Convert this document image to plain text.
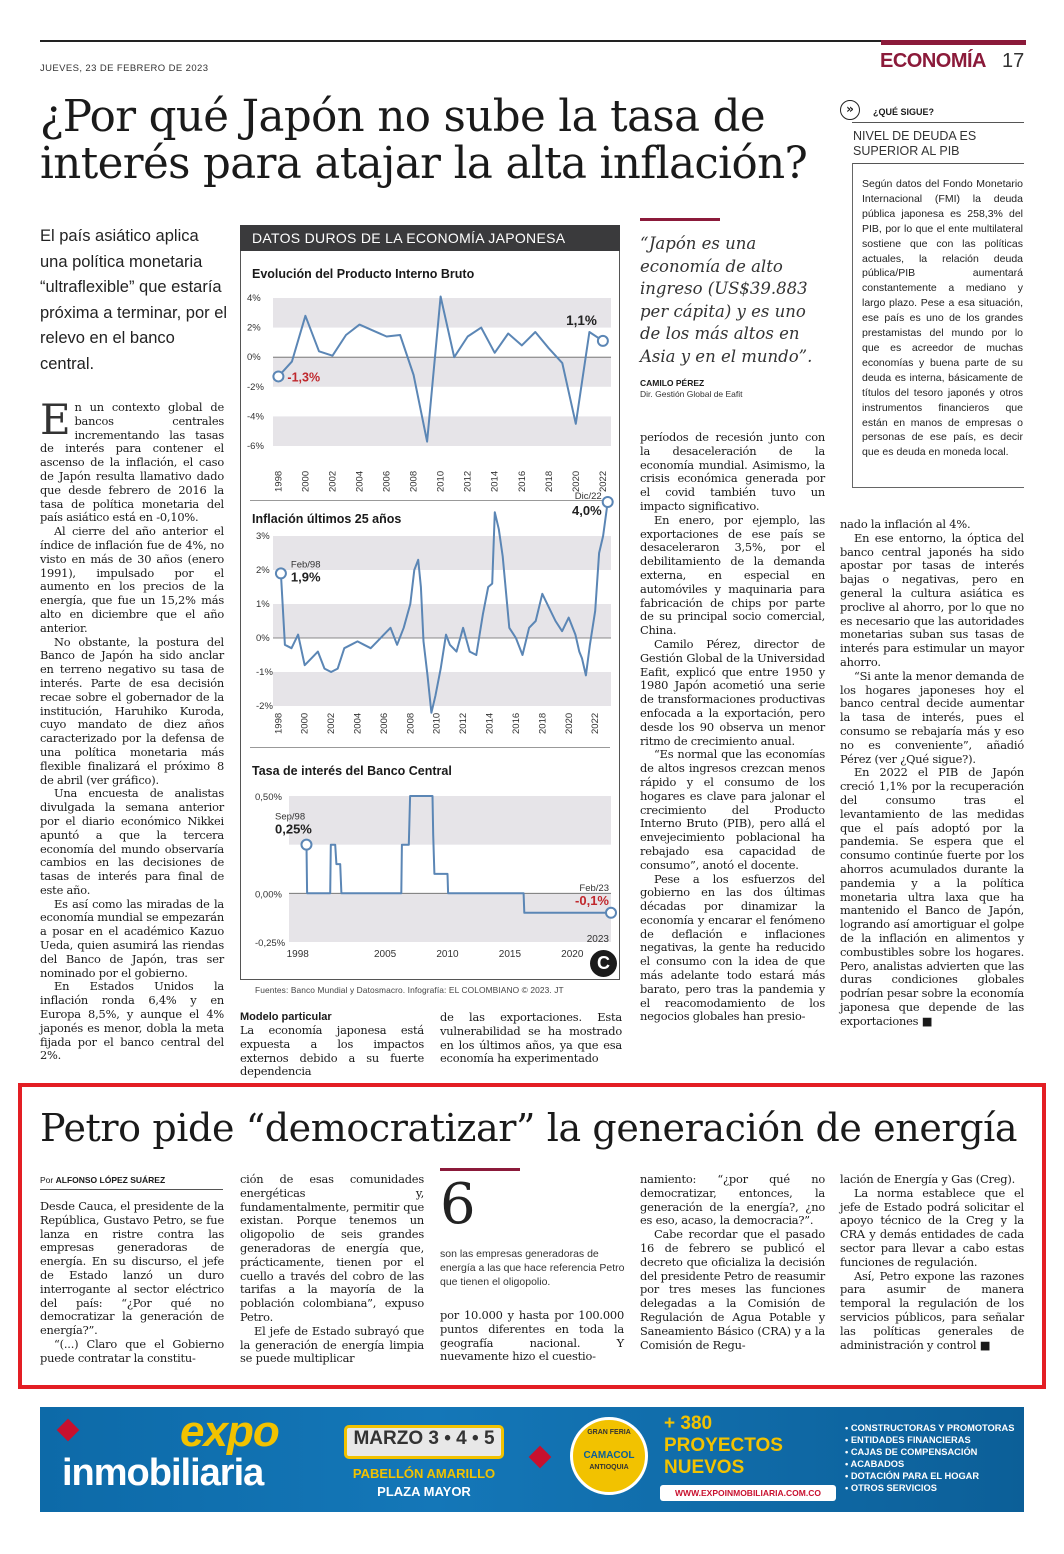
JUEVES, 23 DE FEBRERO DE 2023	ECONOMÍA 17
¿Por qué Japón no sube la tasa de interés para atajar la alta inflación?
El país asiático aplica una política monetaria “ultraflexible” que estaría próxima a terminar, por el relevo en el banco central.
E n un contexto global de bancos centrales incrementando las tasas de interés para contener el ascenso de la inflación, el caso de Japón resulta llamativo dado que desde febrero de 2016 la tasa de política monetaria del país asiático está en -0,10%.

Al cierre del año anterior el índice de inflación fue de 4%, no visto en más de 30 años (enero 1991), impulsado por el aumento en los precios de la energía, que fue un 15,2% más alto en diciembre que el año anterior.

No obstante, la postura del Banco de Japón ha sido anclar en terreno negativo su tasa de interés. Parte de esa decisión recae sobre el gobernador de la institución, Haruhiko Kuroda, cuyo mandato de diez años caracterizado por la defensa de una política monetaria más flexible finalizará el próximo 8 de abril (ver gráfico).

Una encuesta de analistas divulgada la semana anterior por el diario económico Nikkei apuntó a que la tercera economía del mundo observaría cambios en las decisiones de tasas de interés para final de este año.

Es así como las miradas de la economía mundial se empezarán a posar en el académico Kazuo Ueda, quien asumirá las riendas del Banco de Japón, tras ser nominado por el gobierno.

En Estados Unidos la inflación ronda 6,4% y en Europa 8,5%, y aunque el 4% japonés es menor, dobla la meta fijada por el banco central del 2%.

DATOS DUROS DE LA ECONOMÍA JAPONESA
Evolución del Producto Interno Bruto
4%
2%
0%
-2%
-4%
-6%
1998 2000 2002 2004 2006 2008 2010 2012 2014 2016 2018 2020 2022
-1,3%
1,1%
Inflación últimos 25 años
3%
2%
1%
0%
-1%
-2%
1998 2000 2002 2004 2006 2008 2010 2012 2014 2016 2018 2020 2022
Feb/98
1,9%
Dic/22
4,0%
Tasa de interés del Banco Central
0,50%
0,00%
-0,25%
1998	2005	2010	2015	2020
2023
Sep/98
0,25%
Feb/23
-0,1%
C
Fuentes: Banco Mundial y Datosmacro. Infografía: EL COLOMBIANO © 2023. JT
Modelo particular

La economía japonesa está expuesta a los impactos externos debido a su fuerte dependencia

de las exportaciones. Esta vulnerabilidad se ha mostrado en los últimos años, ya que esa economía ha experimentado

“Japón es una economía de alto ingreso (US$39.883 per cápita) y es uno de los más altos en Asia y en el mundo”.
CAMILO PÉREZ
Dir. Gestión Global de Eafit

períodos de recesión junto con la desaceleración de la economía mundial. Asimismo, la crisis económica generada por el covid también tuvo un impacto significativo.

En enero, por ejemplo, las exportaciones de ese país se desaceleraron 3,5%, por el debilitamiento de la demanda externa, en especial en automóviles y maquinaria para fabricación de chips por parte de su principal socio comercial, China.

Camilo Pérez, director de Gestión Global de la Universidad Eafit, explicó que entre 1950 y 1980 Japón acometió una serie de transformaciones productivas enfocada a la exportación, pero desde los 90 observa un menor ritmo de crecimiento anual.

“Es normal que las economías de altos ingresos crezcan menos rápido y el consumo de los hogares es clave para jalonar el crecimiento del Producto Interno Bruto (PIB), pero allá el envejecimiento poblacional ha rebajado esa capacidad de consumo”, anotó el docente.

Pese a los esfuerzos del gobierno en las dos últimas décadas por dinamizar la economía y encarar el fenómeno de deflación e inflaciones negativas, la gente ha reducido el consumo con la idea de que más adelante todo estará más barato, pero tras la pandemia y el reacomodamiento de los negocios globales han presio-

»	¿QUÉ SIGUE?
NIVEL DE DEUDA ES SUPERIOR AL PIB
Según datos del Fondo Monetario Internacional (FMI) la deuda pública japonesa es 258,3% del PIB, por lo que el ente multilateral sostiene que con las políticas actuales, la relación deuda pública/PIB aumentará constantemente a mediano y largo plazo. Pese a esa situación, ese país es uno de los grandes prestamistas del mundo por lo que es acreedor de muchas economías y buena parte de su deuda es interna, básicamente de títulos del tesoro japonés y otros instrumentos financieros que están en manos de empresas o personas de ese país, es decir que es deuda en moneda local.

nado la inflación al 4%.

En ese entorno, la óptica del banco central japonés ha sido apostar por tasas de interés bajas o negativas, pero en general la cultura asiática es proclive al ahorro, por lo que no es necesario que las autoridades monetarias suban sus tasas de interés para estimular un mayor ahorro.

“Si ante la menor demanda de los hogares japoneses hoy el banco central decide aumentar la tasa de interés, pues el consumo se rebajaría más y eso no es conveniente”, añadió Pérez (ver ¿Qué sigue?).

En 2022 el PIB de Japón creció 1,1% por la recuperación del consumo tras el levantamiento de las medidas que el país adoptó por la pandemia. Se espera que el consumo continúe fuerte por los ahorros acumulados durante la pandemia y a la política monetaria ultra laxa que ha mantenido el Banco de Japón, logrando así amortiguar el golpe de la inflación en alimentos y combustibles sobre los hogares. Pero, analistas advierten que las duras condiciones globales podrían pesar sobre la economía japonesa que depende de las exportaciones ■

Petro pide “democratizar” la generación de energía
Por ALFONSO LÓPEZ SUÁREZ

Desde Cauca, el presidente de la República, Gustavo Petro, se fue lanza en ristre contra las empresas generadoras de energía. En su discurso, el jefe de Estado lanzó un duro interrogante al sector eléctrico del país: “¿Por qué no democratizar la generación de energía?”.

“(...) Claro que el Gobierno puede contratar la constitu-

ción de esas comunidades energéticas y, fundamentalmente, permitir que existan. Porque tenemos un oligopolio de seis grandes generadoras de energía que, prácticamente, tienen por el cuello a través del cobro de las tarifas a la mayoría de la población colombiana”, expuso Petro.

El jefe de Estado subrayó que la generación de energía limpia se puede multiplicar

6
son las empresas generadoras de energía a las que hace referencia Petro que tienen el oligopolio.

por 10.000 y hasta por 100.000 puntos diferentes en toda la geografía nacional. Y nuevamente hizo el cuestio-

namiento: “¿por qué no democratizar, entonces, la generación de la energía?, ¿no es eso, acaso, la democracia?”.

Cabe recordar que el pasado 16 de febrero se publicó el decreto que oficializa la decisión del presidente Petro de reasumir por tres meses las funciones delegadas a la Comisión de Regulación de Agua Potable y Saneamiento Básico (CRA) y a la Comisión de Regu-

lación de Energía y Gas (Creg).

La norma establece que el jefe de Estado podrá solicitar el apoyo técnico de la Creg y la CRA y demás entidades de cada sector para llevar a cabo estas funciones de regulación.

Así, Petro expone las razones para asumir de manera temporal la regulación de los servicios públicos, para señalar las políticas generales de administración y control ■

expo
inmobiliaria
MARZO 3 • 4 • 5
PABELLÓN AMARILLO
PLAZA MAYOR
GRAN FERIA
CAMACOL
ANTIOQUIA
+ 380
PROYECTOS
NUEVOS
WWW.EXPOINMOBILIARIA.COM.CO
• CONSTRUCTORAS Y PROMOTORAS
• ENTIDADES FINANCIERAS
• CAJAS DE COMPENSACIÓN
• ACABADOS
• DOTACIÓN PARA EL HOGAR
• OTROS SERVICIOS
